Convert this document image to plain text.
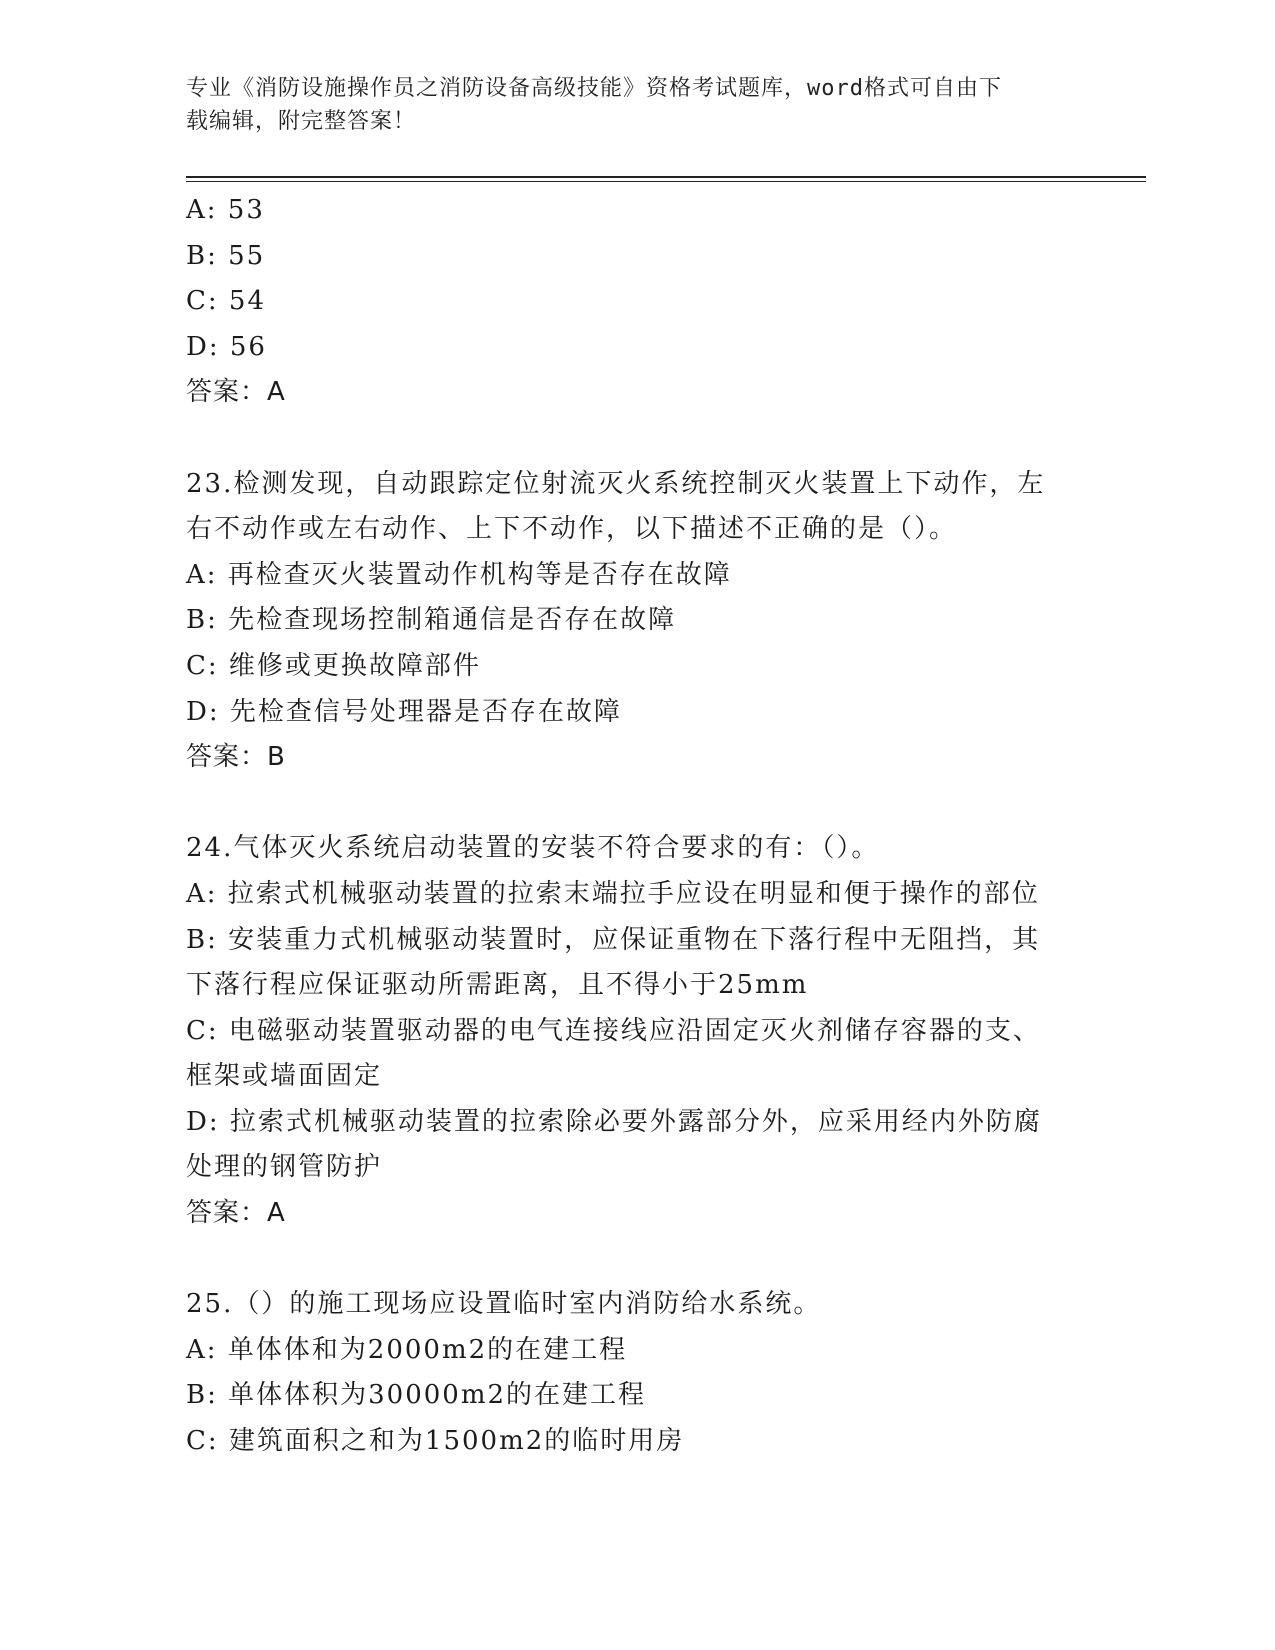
专业《消防设施操作员之消防设备高级技能》资格考试题库，word格式可自由下
载编辑，附完整答案！

A: 53

B: 55

C: 54

D: 56

答案：A

23.检测发现，自动跟踪定位射流灭火系统控制灭火装置上下动作，左

右不动作或左右动作、上下不动作，以下描述不正确的是（）。

A: 再检查灭火装置动作机构等是否存在故障

B: 先检查现场控制箱通信是否存在故障

C: 维修或更换故障部件

D: 先检查信号处理器是否存在故障

答案：B

24.气体灭火系统启动装置的安装不符合要求的有：（）。

A: 拉索式机械驱动装置的拉索末端拉手应设在明显和便于操作的部位

B: 安装重力式机械驱动装置时，应保证重物在下落行程中无阻挡，其

下落行程应保证驱动所需距离，且不得小于25mm

C: 电磁驱动装置驱动器的电气连接线应沿固定灭火剂储存容器的支、

框架或墙面固定

D: 拉索式机械驱动装置的拉索除必要外露部分外，应采用经内外防腐

处理的钢管防护

答案：A

25.（）的施工现场应设置临时室内消防给水系统。

A: 单体体和为2000m2的在建工程

B: 单体体积为30000m2的在建工程

C: 建筑面积之和为1500m2的临时用房
